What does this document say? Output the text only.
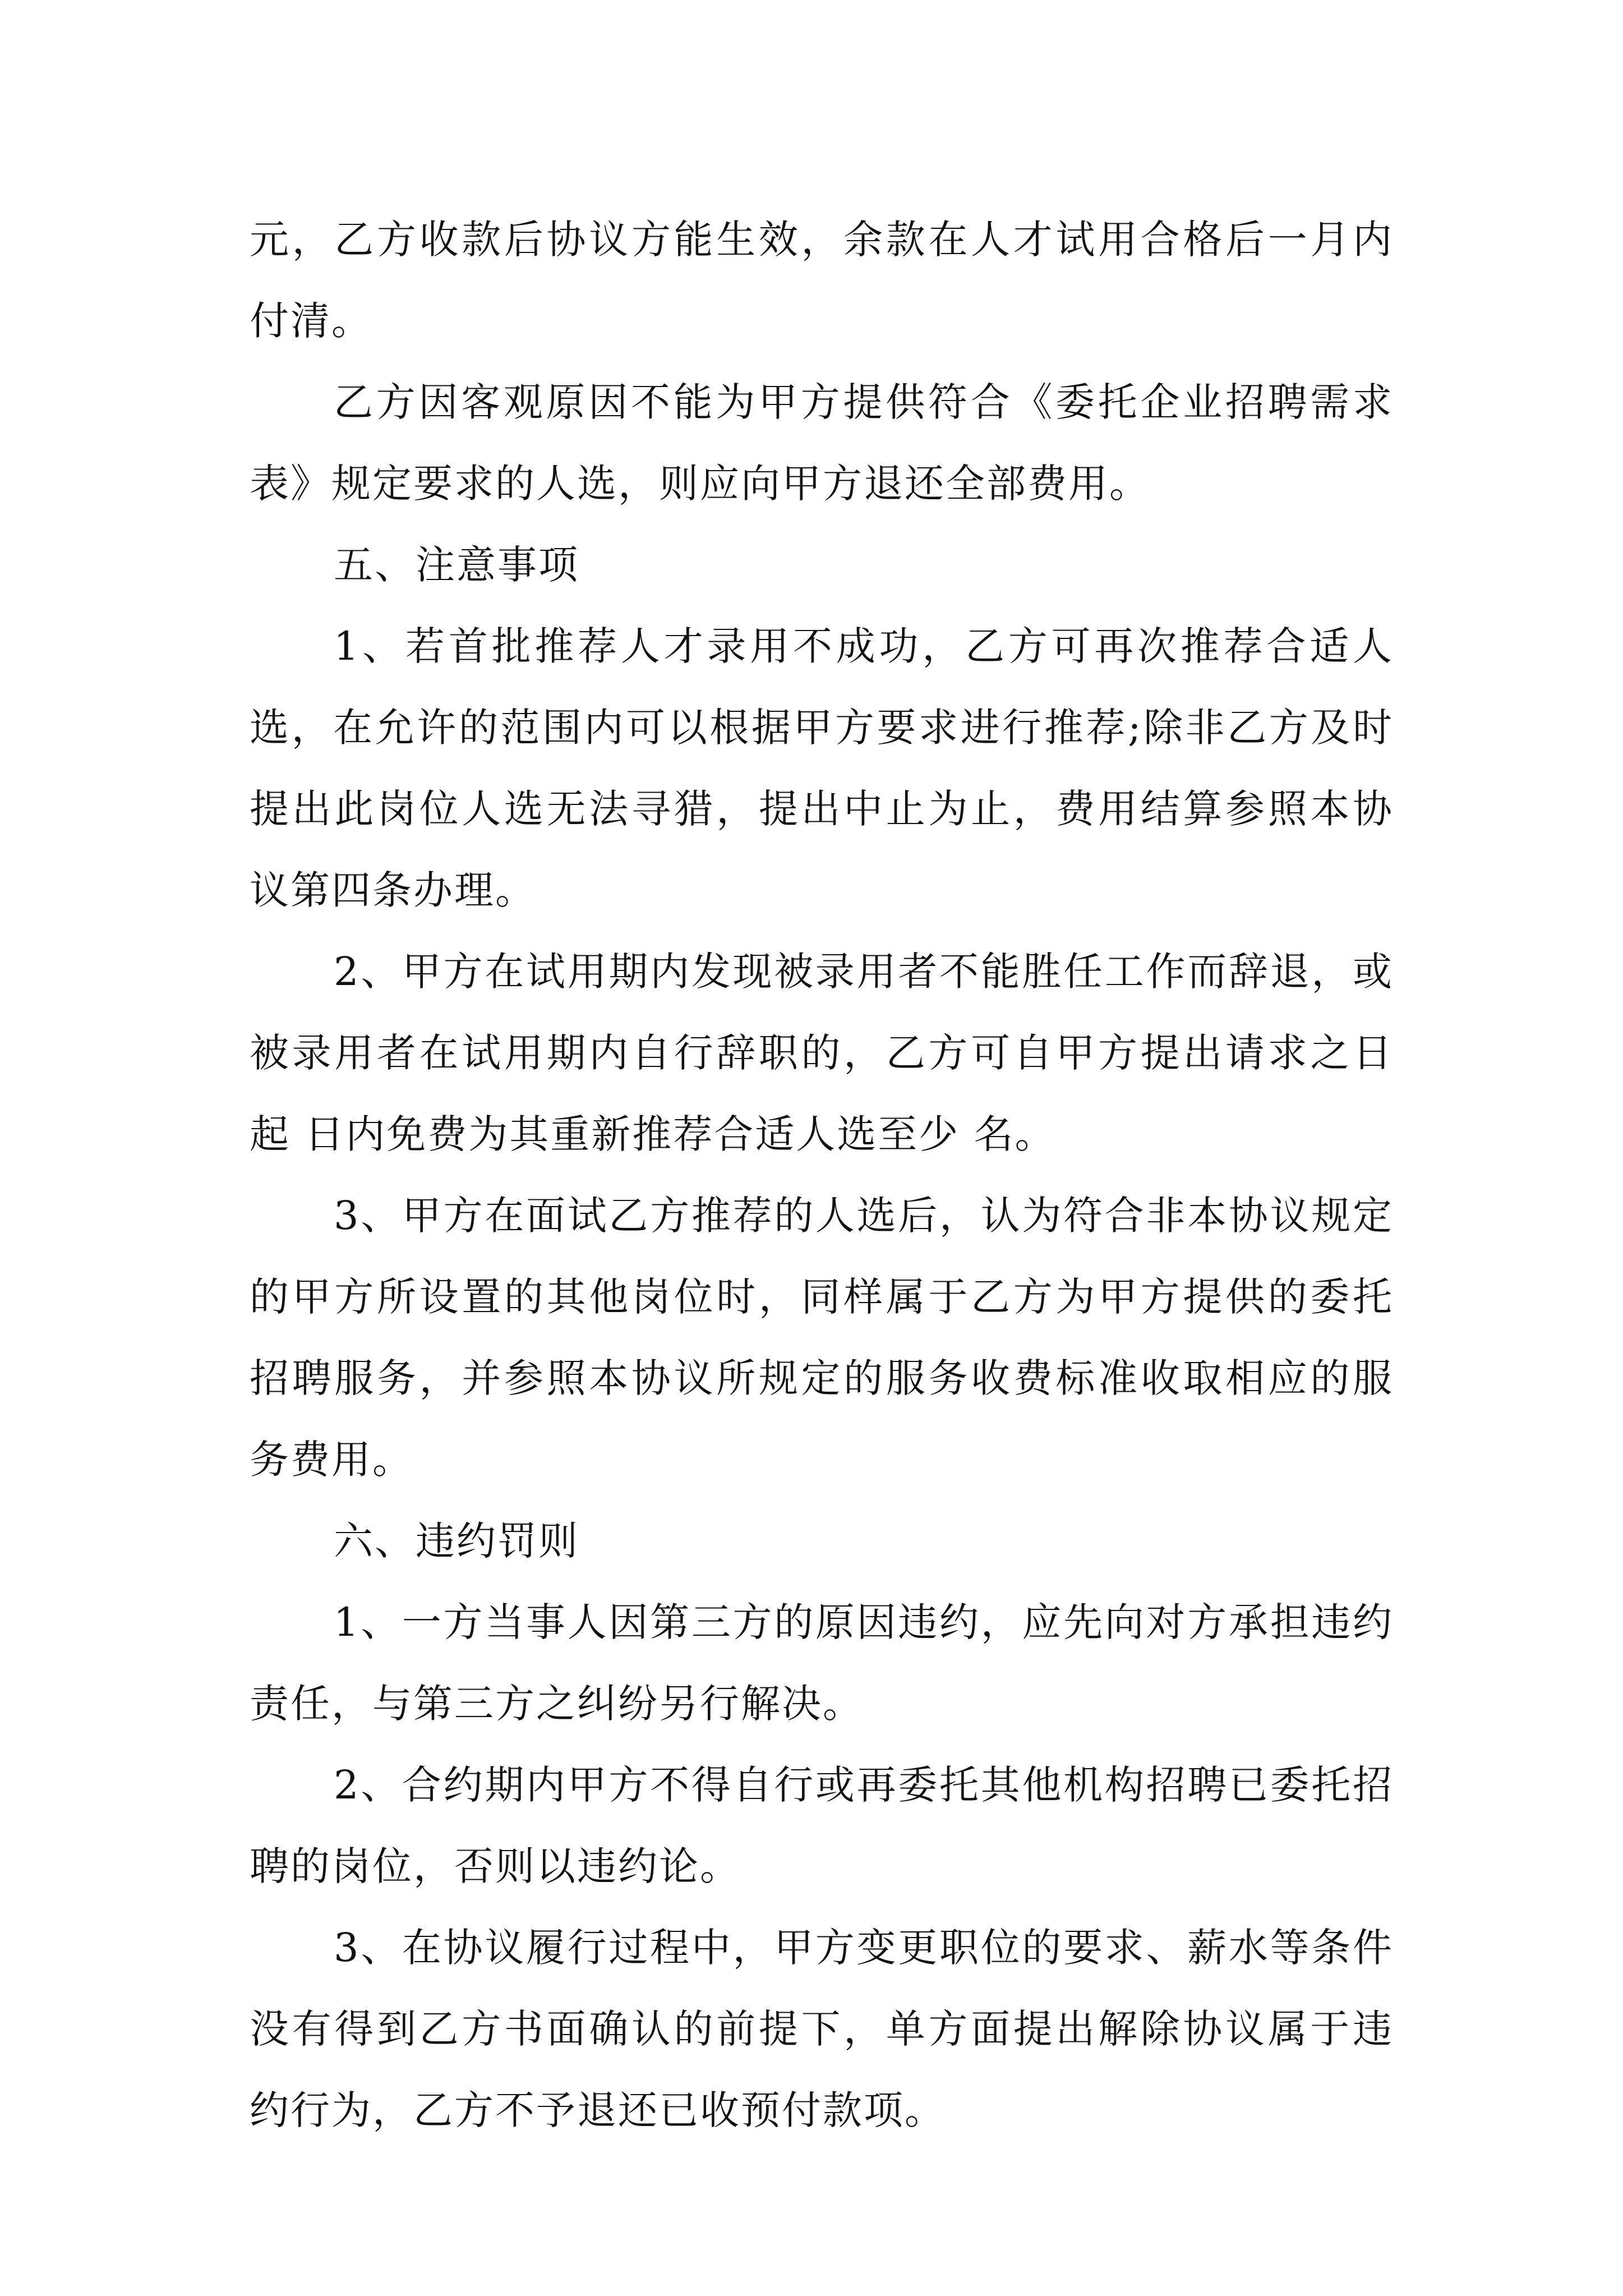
元，乙方收款后协议方能生效，余款在人才试用合格后一月内付清。

乙方因客观原因不能为甲方提供符合《委托企业招聘需求表》规定要求的人选，则应向甲方退还全部费用。

五、注意事项

1、若首批推荐人才录用不成功，乙方可再次推荐合适人选，在允许的范围内可以根据甲方要求进行推荐;除非乙方及时提出此岗位人选无法寻猎，提出中止为止，费用结算参照本协议第四条办理。

2、甲方在试用期内发现被录用者不能胜任工作而辞退，或被录用者在试用期内自行辞职的，乙方可自甲方提出请求之日起 日内免费为其重新推荐合适人选至少 名。

3、甲方在面试乙方推荐的人选后，认为符合非本协议规定的甲方所设置的其他岗位时，同样属于乙方为甲方提供的委托招聘服务，并参照本协议所规定的服务收费标准收取相应的服务费用。

六、违约罚则

1、一方当事人因第三方的原因违约，应先向对方承担违约责任，与第三方之纠纷另行解决。

2、合约期内甲方不得自行或再委托其他机构招聘已委托招聘的岗位，否则以违约论。

3、在协议履行过程中，甲方变更职位的要求、薪水等条件没有得到乙方书面确认的前提下，单方面提出解除协议属于违约行为，乙方不予退还已收预付款项。
